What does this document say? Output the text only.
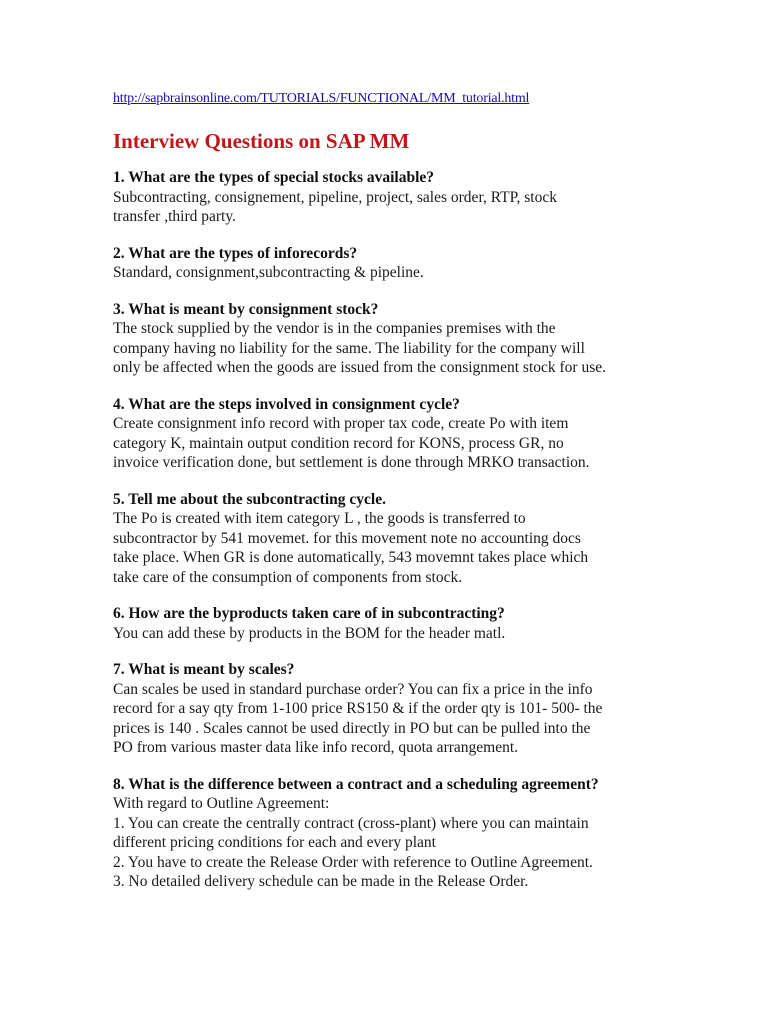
http://sapbrainsonline.com/TUTORIALS/FUNCTIONAL/MM_tutorial.html
Interview Questions on SAP MM

1. What are the types of special stocks available?

Subcontracting, consignement, pipeline, project, sales order, RTP, stock

transfer ,third party.

2. What are the types of inforecords?

Standard, consignment,subcontracting & pipeline.

3. What is meant by consignment stock?

The stock supplied by the vendor is in the companies premises with the

company having no liability for the same. The liability for the company will

only be affected when the goods are issued from the consignment stock for use.

4. What are the steps involved in consignment cycle?

Create consignment info record with proper tax code, create Po with item

category K, maintain output condition record for KONS, process GR, no

invoice verification done, but settlement is done through MRKO transaction.

5. Tell me about the subcontracting cycle.

The Po is created with item category L , the goods is transferred to

subcontractor by 541 movemet. for this movement note no accounting docs

take place. When GR is done automatically, 543 movemnt takes place which

take care of the consumption of components from stock.

6. How are the byproducts taken care of in subcontracting?

You can add these by products in the BOM for the header matl.

7. What is meant by scales?

Can scales be used in standard purchase order? You can fix a price in the info

record for a say qty from 1-100 price RS150 & if the order qty is 101- 500- the

prices is 140 . Scales cannot be used directly in PO but can be pulled into the

PO from various master data like info record, quota arrangement.

8. What is the difference between a contract and a scheduling agreement?

With regard to Outline Agreement:

1. You can create the centrally contract (cross-plant) where you can maintain

different pricing conditions for each and every plant

2. You have to create the Release Order with reference to Outline Agreement.

3. No detailed delivery schedule can be made in the Release Order.
